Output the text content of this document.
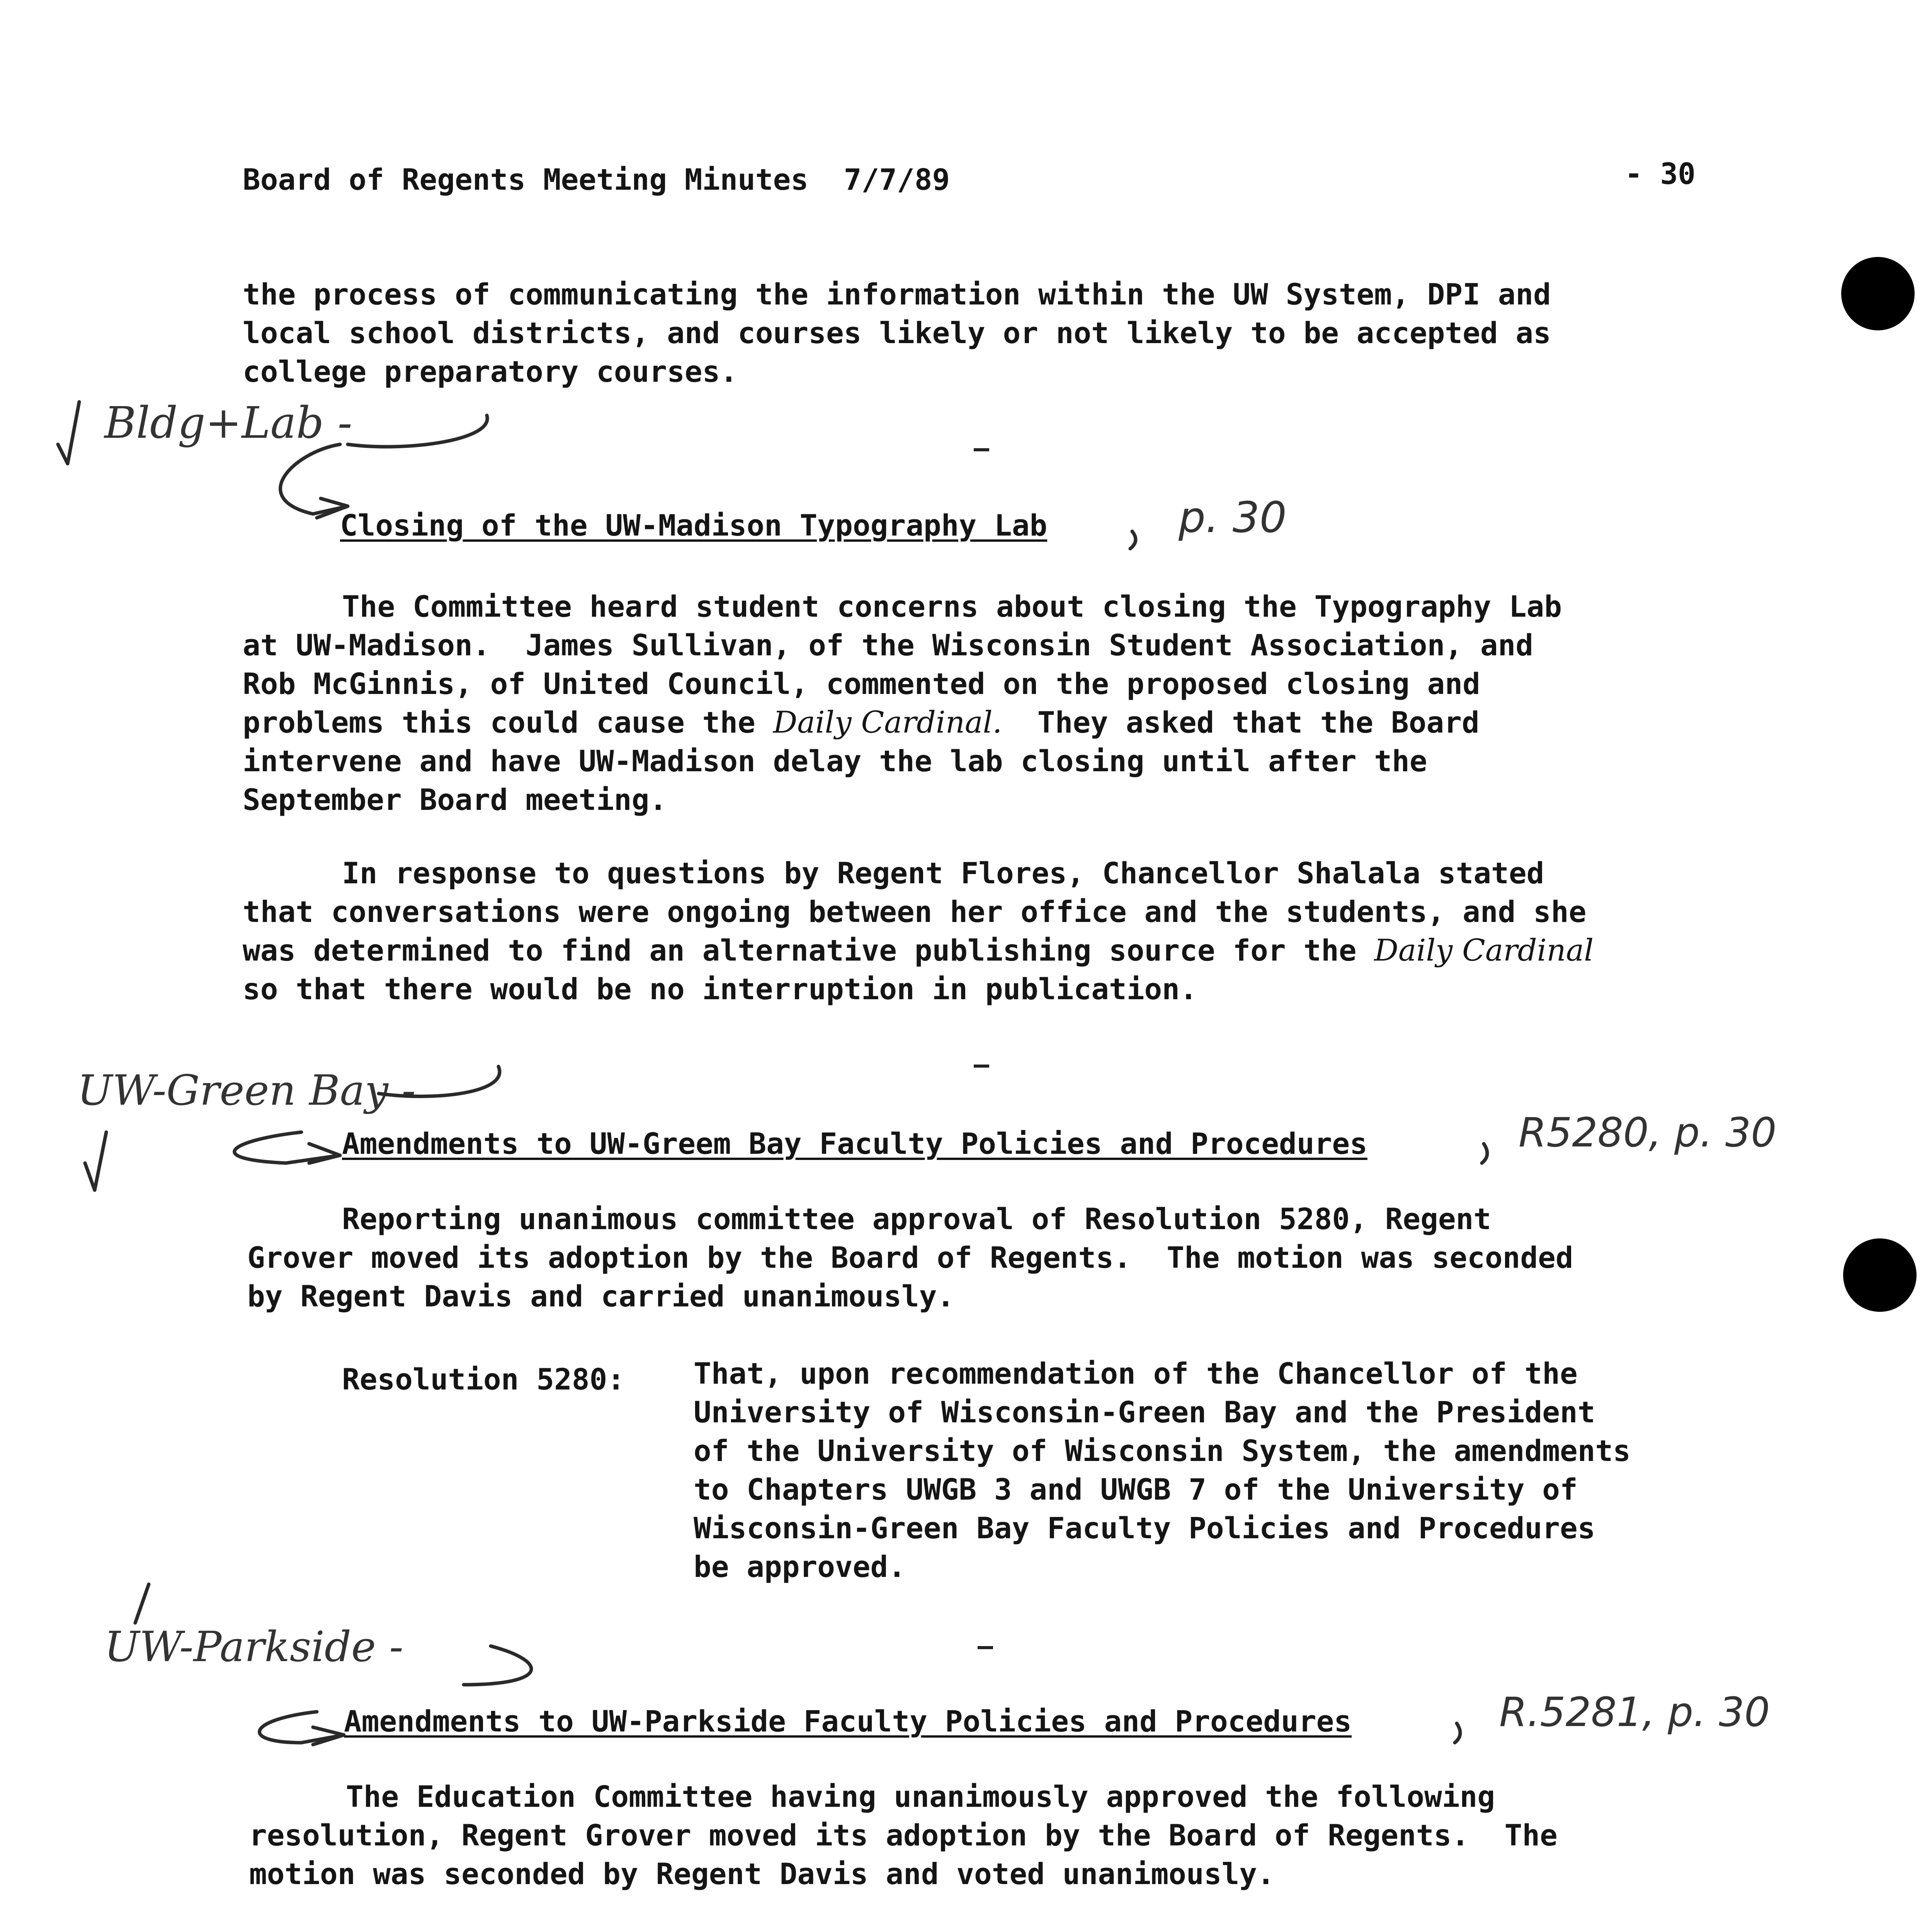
Board of Regents Meeting Minutes  7/7/89	- 30
the process of communicating the information within the UW System, DPI and
local school districts, and courses likely or not likely to be accepted as
college preparatory courses.
Closing of the UW-Madison Typography Lab
The Committee heard student concerns about closing the Typography Lab
at UW-Madison.  James Sullivan, of the Wisconsin Student Association, and
Rob McGinnis, of United Council, commented on the proposed closing and
problems this could cause the Daily Cardinal.  They asked that the Board
intervene and have UW-Madison delay the lab closing until after the
September Board meeting.
In response to questions by Regent Flores, Chancellor Shalala stated
that conversations were ongoing between her office and the students, and she
was determined to find an alternative publishing source for the Daily Cardinal
so that there would be no interruption in publication.
Amendments to UW-Greem Bay Faculty Policies and Procedures
Reporting unanimous committee approval of Resolution 5280, Regent
Grover moved its adoption by the Board of Regents.  The motion was seconded
by Regent Davis and carried unanimously.
Resolution 5280: That, upon recommendation of the Chancellor of the
University of Wisconsin-Green Bay and the President
of the University of Wisconsin System, the amendments
to Chapters UWGB 3 and UWGB 7 of the University of
Wisconsin-Green Bay Faculty Policies and Procedures
be approved.
Amendments to UW-Parkside Faculty Policies and Procedures
The Education Committee having unanimously approved the following
resolution, Regent Grover moved its adoption by the Board of Regents.  The
motion was seconded by Regent Davis and voted unanimously.
Bldg+Lab -
p. 30
UW-Green Bay -
R5280, p. 30
UW-Parkside -
R.5281, p. 30
